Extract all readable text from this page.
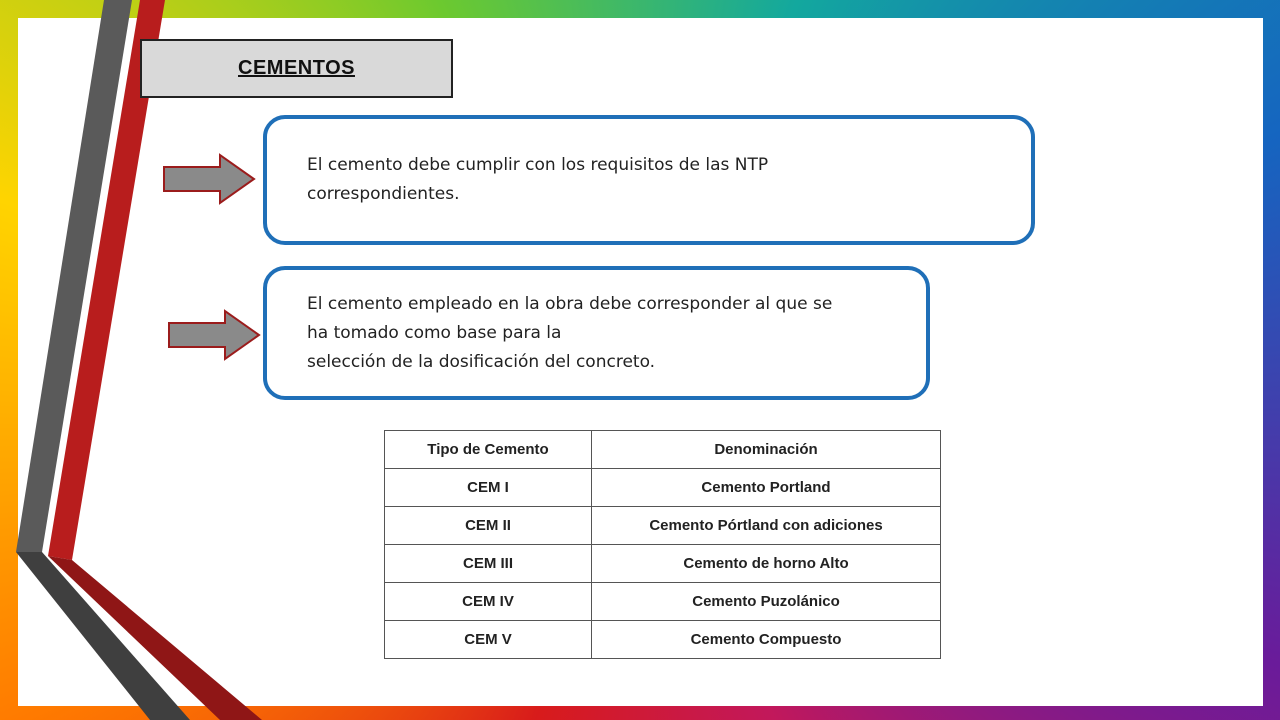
CEMENTOS
El cemento debe cumplir con los requisitos de las NTP
correspondientes.
El cemento empleado en la obra debe corresponder al que se
ha tomado como base para la
selección de la dosificación del concreto.
Tipo de Cemento	Denominación
CEM I	Cemento Portland
CEM II	Cemento Pórtland con adiciones
CEM III	Cemento de horno Alto
CEM IV	Cemento Puzolánico
CEM V	Cemento Compuesto
